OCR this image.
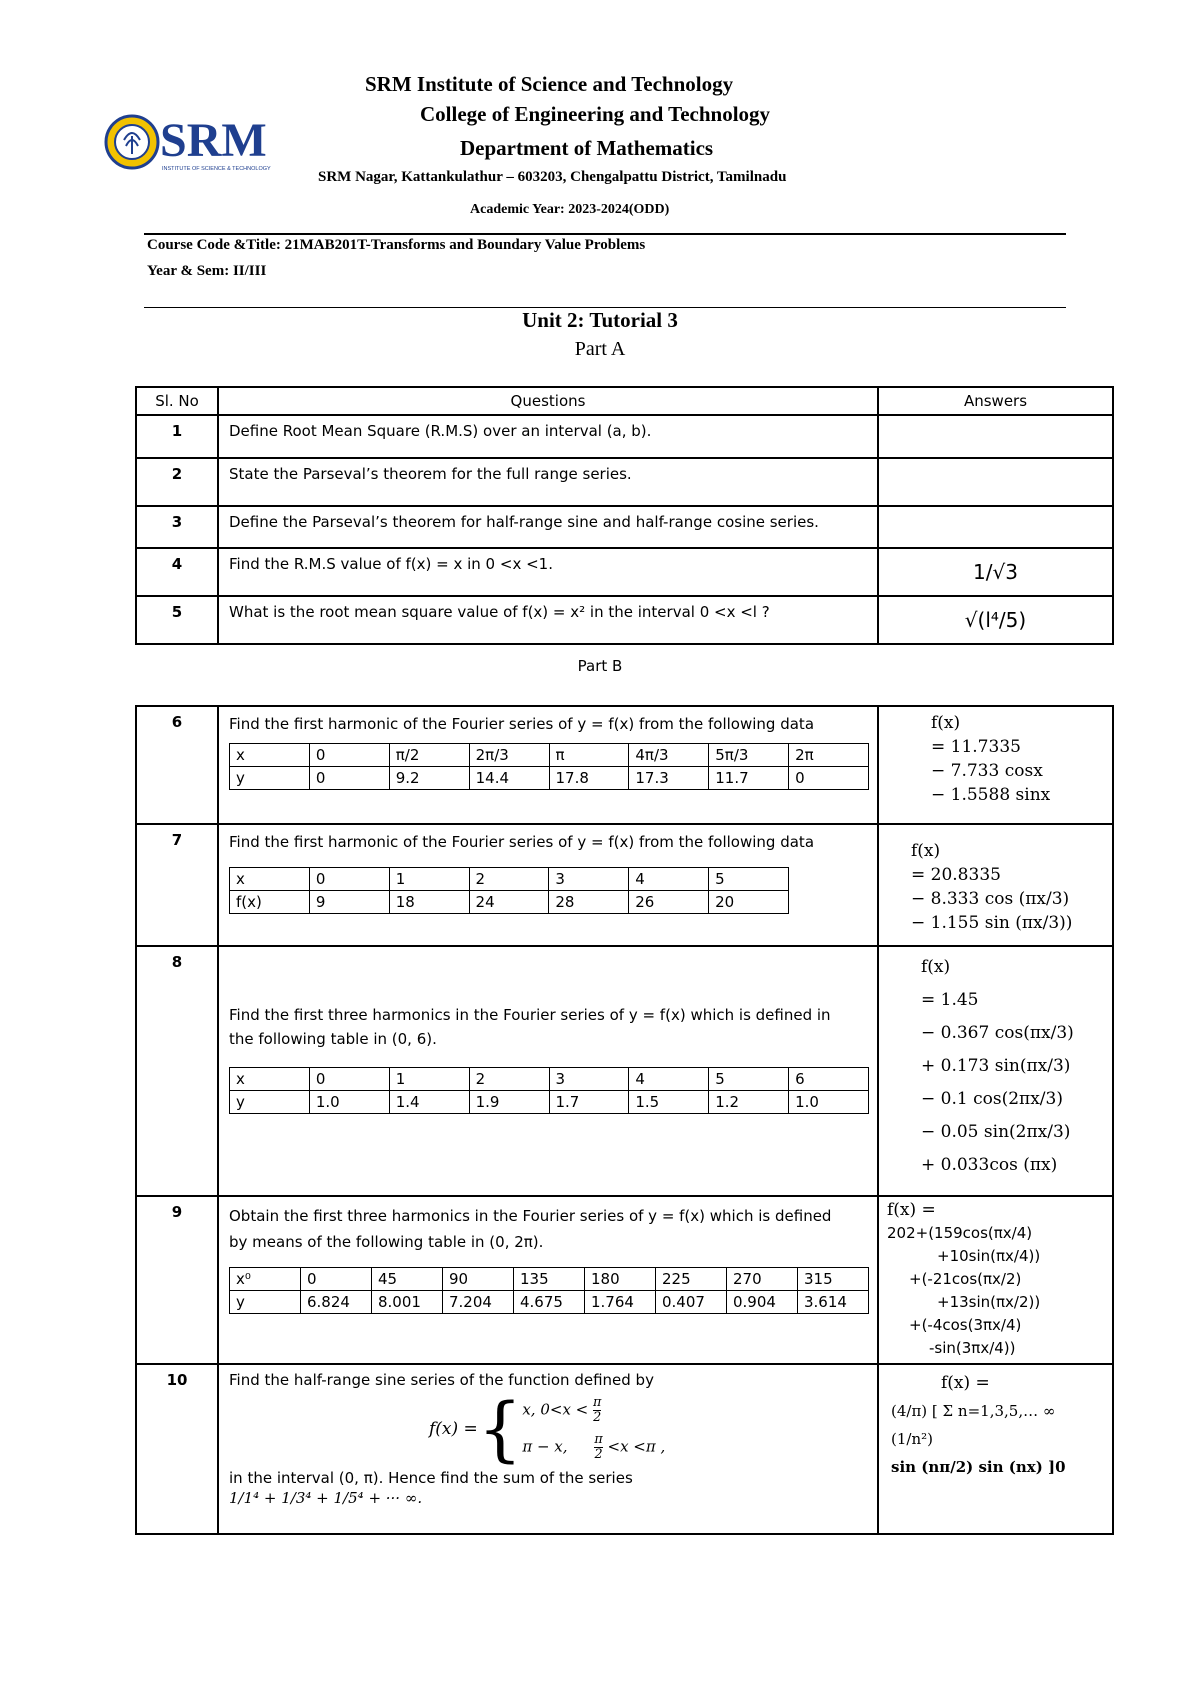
SRM
INSTITUTE OF SCIENCE & TECHNOLOGY
SRM Institute of Science and Technology
College of Engineering and Technology
Department of Mathematics
SRM Nagar, Kattankulathur – 603203, Chengalpattu District, Tamilnadu
Academic Year: 2023-2024(ODD)
Course Code &Title: 21MAB201T-Transforms and Boundary Value Problems
Year & Sem: II/III
Unit 2: Tutorial 3
Part A
Sl. No	Questions	Answers
1	Define Root Mean Square (R.M.S) over an interval (a, b).	
2	State the Parseval’s theorem for the full range series.	
3	Define the Parseval’s theorem for half-range sine and half-range cosine series.	
4	Find the R.M.S value of f(x) = x in 0 <x <1.	1/√3
5	What is the root mean square value of f(x) = x² in the interval 0 <x <l ?	√(l⁴/5)
Part B
6	Find the first harmonic of the Fourier series of y = f(x) from the following data
x	0	π/2	2π/3	π	4π/3	5π/3	2π
y	0	9.2	14.4	17.8	17.3	11.7	0

f(x)
= 11.7335
− 7.733 cosx
− 1.5588 sinx

7	Find the first harmonic of the Fourier series of y = f(x) from the following data
x	0	1	2	3	4	5
f(x)	9	18	24	28	26	20

f(x)
= 20.8335
− 8.333 cos (πx/3)
− 1.155 sin (πx/3))

8	
Find the first three harmonics in the Fourier series of y = f(x) which is defined in the following table in (0, 6).
x	0	1	2	3	4	5	6
y	1.0	1.4	1.9	1.7	1.5	1.2	1.0

f(x)
= 1.45
− 0.367 cos(πx/3)
+ 0.173 sin(πx/3)
− 0.1 cos(2πx/3)
− 0.05 sin(2πx/3)
+ 0.033cos (πx)

9	Obtain the first three harmonics in the Fourier series of y = f(x) which is defined by means of the following table in (0, 2π).
x⁰	0	45	90	135	180	225	270	315
y	6.824	8.001	7.204	4.675	1.764	0.407	0.904	3.614

f(x) =
202+(159cos(πx/4)
+10sin(πx/4))
+(-21cos(πx/2)
+13sin(πx/2))
+(-4cos(3πx/4)
-sin(3πx/4))

10	Find the half-range sine series of the function defined by
f(x) = { x, $0<x < \frac{\pi}{2}$
π − x, $\frac{\pi}{2} <x <\pi$ ,
in the interval (0, π). Hence find the sum of the series
1/1⁴ + 1/3⁴ + 1/5⁴ + ··· ∞.

f(x) =
(4/π) [ Σ n=1,3,5,… ∞ (1/n²)
sin (nπ/2) sin (nx) ]0
